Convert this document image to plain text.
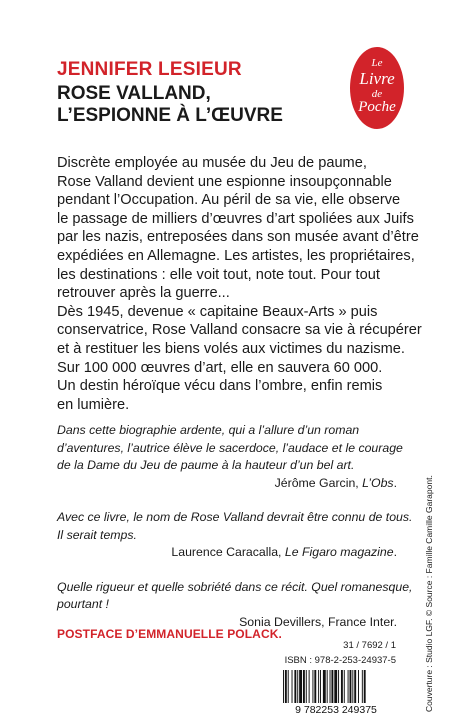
JENNIFER LESIEUR
ROSE VALLAND,
L’ESPIONNE À L’ŒUVRE
Le
Livre
de
Poche
Discrète employée au musée du Jeu de paume,
Rose Valland devient une espionne insoupçonnable
pendant l’Occupation. Au péril de sa vie, elle observe
le passage de milliers d’œuvres d’art spoliées aux Juifs
par les nazis, entreposées dans son musée avant d’être
expédiées en Allemagne. Les artistes, les propriétaires,
les destinations : elle voit tout, note tout. Pour tout
retrouver après la guerre...
Dès 1945, devenue « capitaine Beaux-Arts » puis
conservatrice, Rose Valland consacre sa vie à récupérer
et à restituer les biens volés aux victimes du nazisme.
Sur 100 000 œuvres d’art, elle en sauvera 60 000.
Un destin héroïque vécu dans l’ombre, enfin remis
en lumière.
Dans cette biographie ardente, qui a l’allure d’un roman
d’aventures, l’autrice élève le sacerdoce, l’audace et le courage
de la Dame du Jeu de paume à la hauteur d’un bel art.
Jérôme Garcin, L’Obs.
Avec ce livre, le nom de Rose Valland devrait être connu de tous.
Il serait temps.
Laurence Caracalla, Le Figaro magazine.
Quelle rigueur et quelle sobriété dans ce récit. Quel romanesque,
pourtant !
Sonia Devillers, France Inter.
POSTFACE D’EMMANUELLE POLACK.
31 / 7692 / 1
ISBN : 978-2-253-24937-5
9 782253 249375	Couverture : Studio LGF. © Source : Famille Camille Garapont.
